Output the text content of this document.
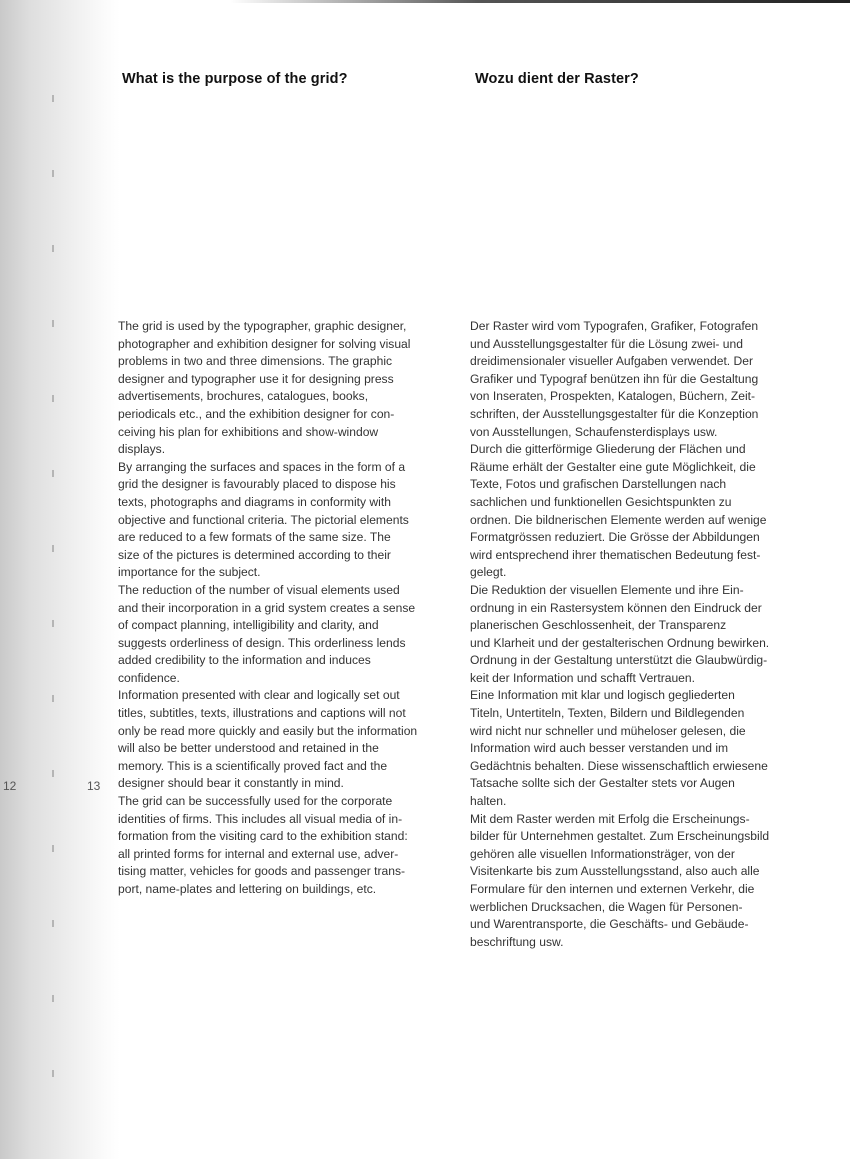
What is the purpose of the grid?	Wozu dient der Raster?
The grid is used by the typographer, graphic designer,
photographer and exhibition designer for solving visual
problems in two and three dimensions. The graphic
designer and typographer use it for designing press
advertisements, brochures, catalogues, books,
periodicals etc., and the exhibition designer for con-
ceiving his plan for exhibitions and show-window
displays.
By arranging the surfaces and spaces in the form of a
grid the designer is favourably placed to dispose his
texts, photographs and diagrams in conformity with
objective and functional criteria. The pictorial elements
are reduced to a few formats of the same size. The
size of the pictures is determined according to their
importance for the subject.
The reduction of the number of visual elements used
and their incorporation in a grid system creates a sense
of compact planning, intelligibility and clarity, and
suggests orderliness of design. This orderliness lends
added credibility to the information and induces
confidence.
Information presented with clear and logically set out
titles, subtitles, texts, illustrations and captions will not
only be read more quickly and easily but the information
will also be better understood and retained in the
memory. This is a scientifically proved fact and the
designer should bear it constantly in mind.
The grid can be successfully used for the corporate
identities of firms. This includes all visual media of in-
formation from the visiting card to the exhibition stand:
all printed forms for internal and external use, adver-
tising matter, vehicles for goods and passenger trans-
port, name-plates and lettering on buildings, etc.
Der Raster wird vom Typografen, Grafiker, Fotografen
und Ausstellungsgestalter für die Lösung zwei- und
dreidimensionaler visueller Aufgaben verwendet. Der
Grafiker und Typograf benützen ihn für die Gestaltung
von Inseraten, Prospekten, Katalogen, Büchern, Zeit-
schriften, der Ausstellungsgestalter für die Konzeption
von Ausstellungen, Schaufensterdisplays usw.
Durch die gitterförmige Gliederung der Flächen und
Räume erhält der Gestalter eine gute Möglichkeit, die
Texte, Fotos und grafischen Darstellungen nach
sachlichen und funktionellen Gesichtspunkten zu
ordnen. Die bildnerischen Elemente werden auf wenige
Formatgrössen reduziert. Die Grösse der Abbildungen
wird entsprechend ihrer thematischen Bedeutung fest-
gelegt.
Die Reduktion der visuellen Elemente und ihre Ein-
ordnung in ein Rastersystem können den Eindruck der
planerischen Geschlossenheit, der Transparenz
und Klarheit und der gestalterischen Ordnung bewirken.
Ordnung in der Gestaltung unterstützt die Glaubwürdig-
keit der Information und schafft Vertrauen.
Eine Information mit klar und logisch gegliederten
Titeln, Untertiteln, Texten, Bildern und Bildlegenden
wird nicht nur schneller und müheloser gelesen, die
Information wird auch besser verstanden und im
Gedächtnis behalten. Diese wissenschaftlich erwiesene
Tatsache sollte sich der Gestalter stets vor Augen
halten.
Mit dem Raster werden mit Erfolg die Erscheinungs-
bilder für Unternehmen gestaltet. Zum Erscheinungsbild
gehören alle visuellen Informationsträger, von der
Visitenkarte bis zum Ausstellungsstand, also auch alle
Formulare für den internen und externen Verkehr, die
werblichen Drucksachen, die Wagen für Personen-
und Warentransporte, die Geschäfts- und Gebäude-
beschriftung usw.
12	13
